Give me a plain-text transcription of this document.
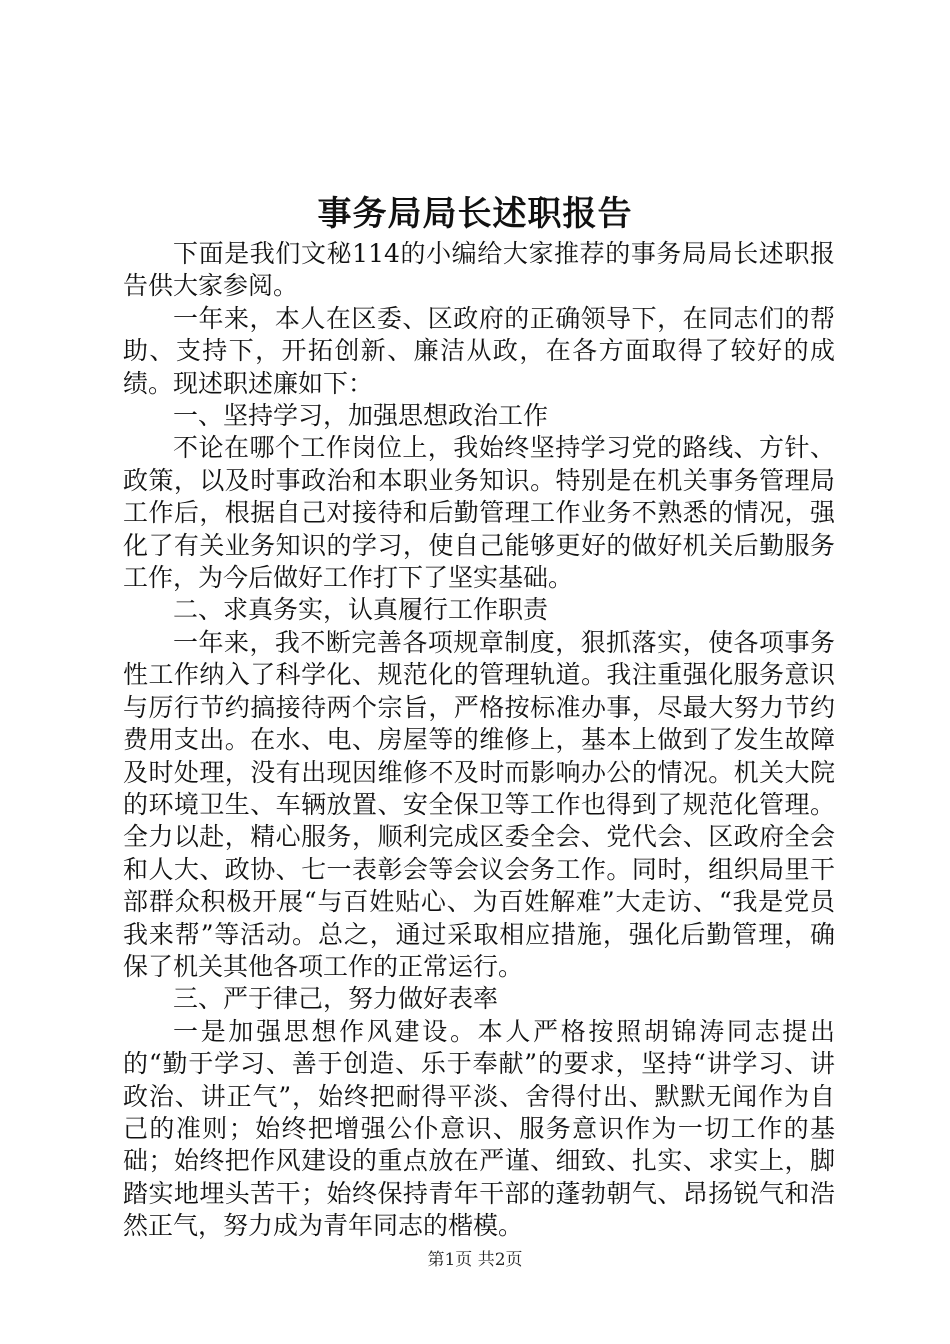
事务局局长述职报告

下面是我们文秘114的小编给大家推荐的事务局局长述职报告供大家参阅。

一年来，本人在区委、区政府的正确领导下，在同志们的帮助、支持下，开拓创新、廉洁从政，在各方面取得了较好的成绩。现述职述廉如下：

一、坚持学习，加强思想政治工作

不论在哪个工作岗位上，我始终坚持学习党的路线、方针、政策，以及时事政治和本职业务知识。特别是在机关事务管理局工作后，根据自己对接待和后勤管理工作业务不熟悉的情况，强化了有关业务知识的学习，使自己能够更好的做好机关后勤服务工作，为今后做好工作打下了坚实基础。

二、求真务实，认真履行工作职责

一年来，我不断完善各项规章制度，狠抓落实，使各项事务性工作纳入了科学化、规范化的管理轨道。我注重强化服务意识与厉行节约搞接待两个宗旨，严格按标准办事，尽最大努力节约费用支出。在水、电、房屋等的维修上，基本上做到了发生故障及时处理，没有出现因维修不及时而影响办公的情况。机关大院的环境卫生、车辆放置、安全保卫等工作也得到了规范化管理。全力以赴，精心服务，顺利完成区委全会、党代会、区政府全会和人大、政协、七一表彰会等会议会务工作。同时，组织局里干部群众积极开展“与百姓贴心、为百姓解难”大走访、“我是党员我来帮”等活动。总之，通过采取相应措施，强化后勤管理，确保了机关其他各项工作的正常运行。

三、严于律己，努力做好表率

一是加强思想作风建设。本人严格按照胡锦涛同志提出的“勤于学习、善于创造、乐于奉献”的要求，坚持“讲学习、讲政治、讲正气”，始终把耐得平淡、舍得付出、默默无闻作为自己的准则；始终把增强公仆意识、服务意识作为一切工作的基础；始终把作风建设的重点放在严谨、细致、扎实、求实上，脚踏实地埋头苦干；始终保持青年干部的蓬勃朝气、昂扬锐气和浩然正气，努力成为青年同志的楷模。

第1页 共2页
